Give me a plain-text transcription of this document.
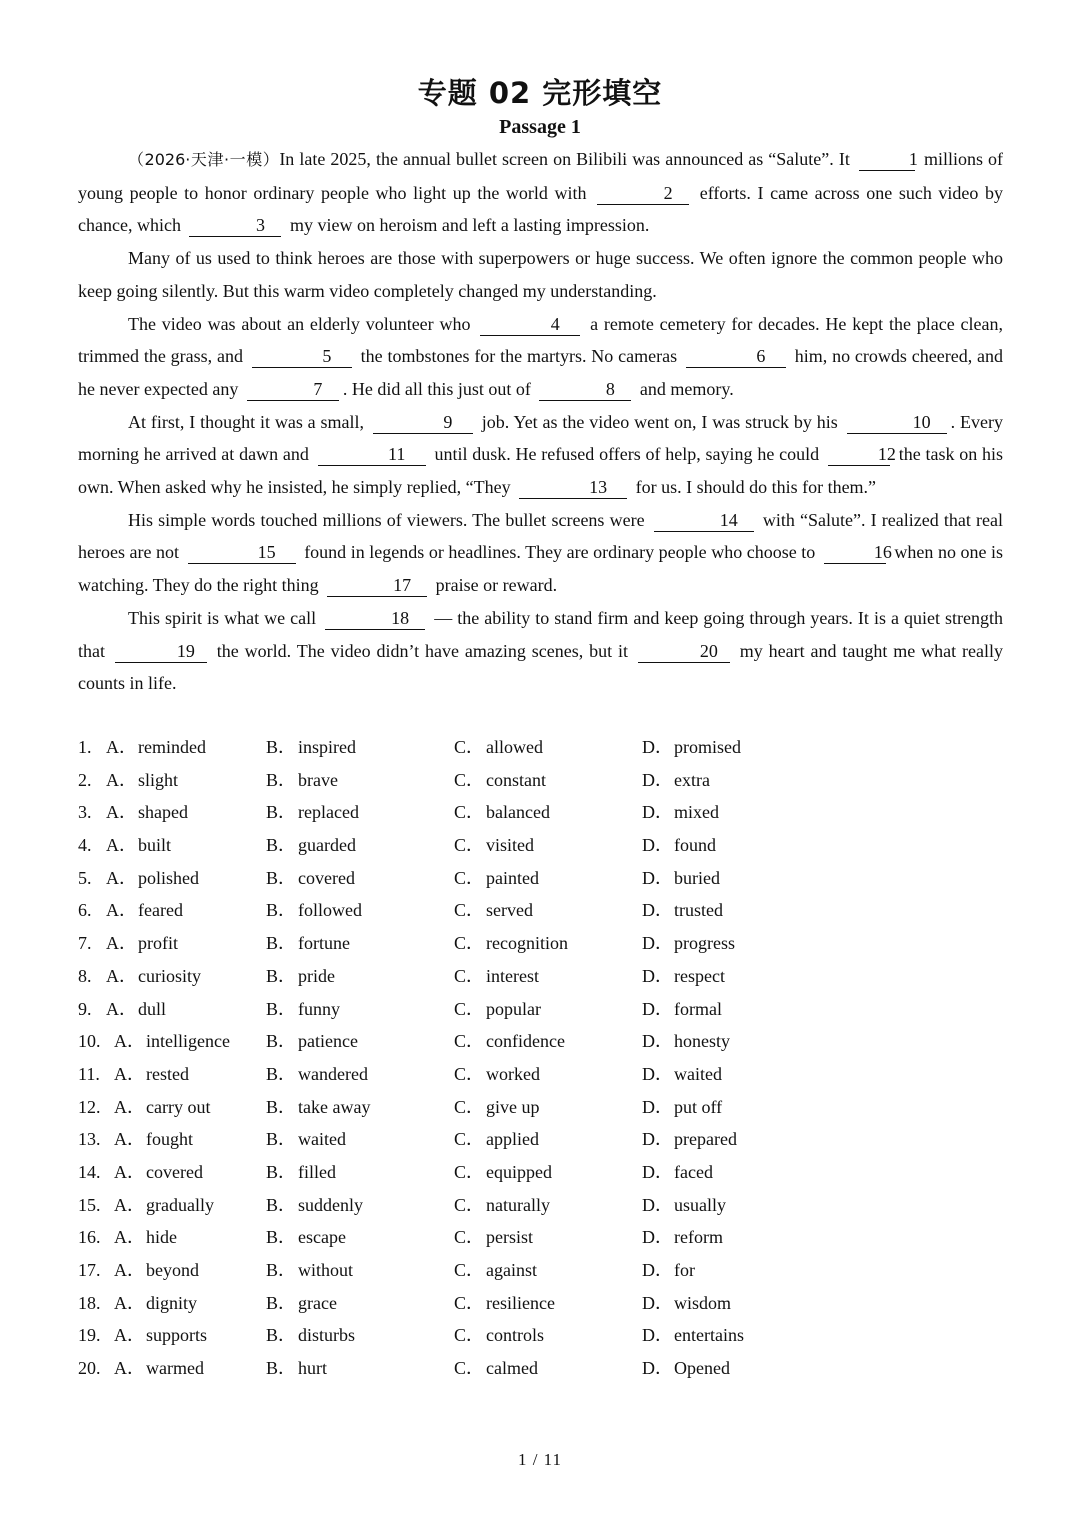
专题 02 完形填空
Passage 1

（2026·天津·一模）In late 2025, the annual bullet screen on Bilibili was announced as “Salute”. It	1 millions of young people to honor ordinary people who light up the world with	2 efforts. I came across one such video by chance, which	3 my view on heroism and left a lasting impression.

Many of us used to think heroes are those with superpowers or huge success. We often ignore the common people who keep going silently. But this warm video completely changed my understanding.

The video was about an elderly volunteer who	4 a remote cemetery for decades. He kept the place clean, trimmed the grass, and	5 the tombstones for the martyrs. No cameras	6 him, no crowds cheered, and he never expected any	7 . He did all this just out of	8 and memory.

At first, I thought it was a small,	9 job. Yet as the video went on, I was struck by his	10 . Every morning he arrived at dawn and	11 until dusk. He refused offers of help, saying he could	12 the task on his own. When asked why he insisted, he simply replied, “They	13 for us. I should do this for them.”

His simple words touched millions of viewers. The bullet screens were	14 with “Salute”. I realized that real heroes are not	15 found in legends or headlines. They are ordinary people who choose to	16 when no one is watching. They do the right thing	17 praise or reward.

This spirit is what we call	18 — the ability to stand firm and keep going through years. It is a quiet strength that	19 the world. The video didn’t have amazing scenes, but it	20 my heart and taught me what really counts in life.

1. A．reminded	B． inspired	C． allowed	D．promised
2. A．slight	B． brave	C． constant	D．extra
3. A．shaped	B． replaced	C． balanced	D．mixed
4. A．built	B． guarded	C． visited	D．found
5. A．polished	B． covered	C． painted	D．buried
6. A．feared	B． followed	C． served	D．trusted
7. A．profit	B． fortune	C． recognition	D．progress
8. A．curiosity	B． pride	C． interest	D．respect
9. A．dull	B． funny	C． popular	D．formal
10. A．intelligence B． patience	C． confidence	D．honesty
11. A．rested	B． wandered	C． worked	D．waited
12. A．carry out	B． take away	C． give up	D．put off
13. A．fought	B． waited	C． applied	D．prepared
14. A．covered	B． filled	C． equipped	D．faced
15. A．gradually	B． suddenly	C． naturally	D．usually
16. A．hide	B． escape	C． persist	D．reform
17. A．beyond	B． without	C． against	D．for
18. A．dignity	B． grace	C． resilience	D．wisdom
19. A．supports	B． disturbs	C． controls	D．entertains
20. A．warmed	B． hurt	C． calmed	D．Opened
1 / 11
